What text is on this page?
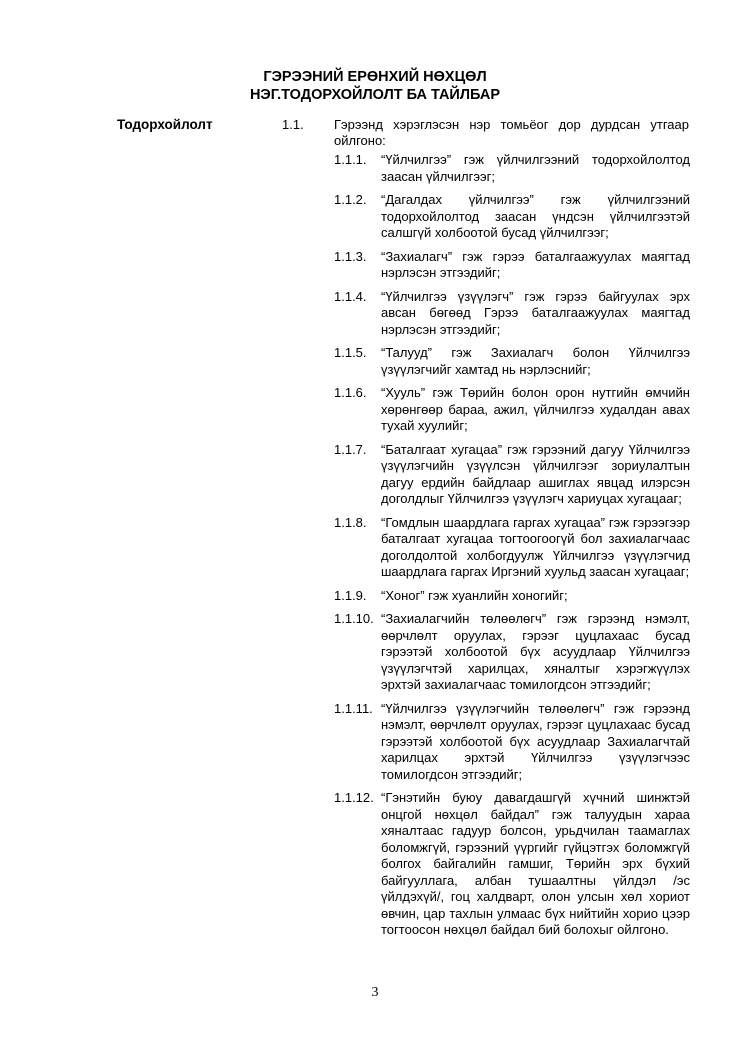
ГЭРЭЭНИЙ ЕРӨНХИЙ НӨХЦӨЛ
НЭГ.ТОДОРХОЙЛОЛТ БА ТАЙЛБАР
Тодорхойлолт	1.1. Гэрээнд хэрэглэсэн нэр томьёог дор дурдсан утгаар ойлгоно:
1.1.1.	“Үйлчилгээ” гэж үйлчилгээний тодорхойлолтод заасан үйлчилгээг;
1.1.2.	“Дагалдах үйлчилгээ” гэж үйлчилгээний тодорхойлолтод заасан үндсэн үйлчилгээтэй салшгүй холбоотой бусад үйлчилгээг;
1.1.3.	“Захиалагч” гэж гэрээ баталгаажуулах маягтад нэрлэсэн этгээдийг;
1.1.4.	“Үйлчилгээ үзүүлэгч” гэж гэрээ байгуулах эрх авсан бөгөөд Гэрээ баталгаажуулах маягтад нэрлэсэн этгээдийг;
1.1.5.	“Талууд” гэж Захиалагч болон Үйлчилгээ үзүүлэгчийг хамтад нь нэрлэснийг;
1.1.6.	“Хууль” гэж Төрийн болон орон нутгийн өмчийн хөрөнгөөр бараа, ажил, үйлчилгээ худалдан авах тухай хуулийг;
1.1.7.	“Баталгаат хугацаа” гэж гэрээний дагуу Үйлчилгээ үзүүлэгчийн үзүүлсэн үйлчилгээг зориулалтын дагуу ердийн байдлаар ашиглах явцад илэрсэн доголдлыг Үйлчилгээ үзүүлэгч хариуцах хугацааг;
1.1.8.	“Гомдлын шаардлага гаргах хугацаа” гэж гэрээгээр баталгаат хугацаа тогтоогоогүй бол захиалагчаас доголдолтой холбогдуулж Үйлчилгээ үзүүлэгчид шаардлага гаргах Иргэний хуульд заасан хугацааг;
1.1.9.	“Хоног” гэж хуанлийн хоногийг;
1.1.10. “Захиалагчийн төлөөлөгч” гэж гэрээнд нэмэлт, өөрчлөлт оруулах, гэрээг цуцлахаас бусад гэрээтэй холбоотой бүх асуудлаар Үйлчилгээ үзүүлэгчтэй харилцах, хяналтыг хэрэгжүүлэх эрхтэй захиалагчаас томилогдсон этгээдийг;
1.1.11. “Үйлчилгээ үзүүлэгчийн төлөөлөгч” гэж гэрээнд нэмэлт, өөрчлөлт оруулах, гэрээг цуцлахаас бусад гэрээтэй холбоотой бүх асуудлаар Захиалагчтай харилцах эрхтэй Үйлчилгээ үзүүлэгчээс томилогдсон этгээдийг;
1.1.12. “Гэнэтийн буюу давагдашгүй хүчний шинжтэй онцгой нөхцөл байдал” гэж талуудын хараа хяналтаас гадуур болсон, урьдчилан таамаглах боломжгүй, гэрээний үүргийг гүйцэтгэх боломжгүй болгох байгалийн гамшиг, Төрийн эрх бүхий байгууллага, албан тушаалтны үйлдэл /эс үйлдэхүй/, гоц халдварт, олон улсын хөл хориот өвчин, цар тахлын улмаас бүх нийтийн хорио цээр тогтоосон нөхцөл байдал бий болохыг ойлгоно.
3
